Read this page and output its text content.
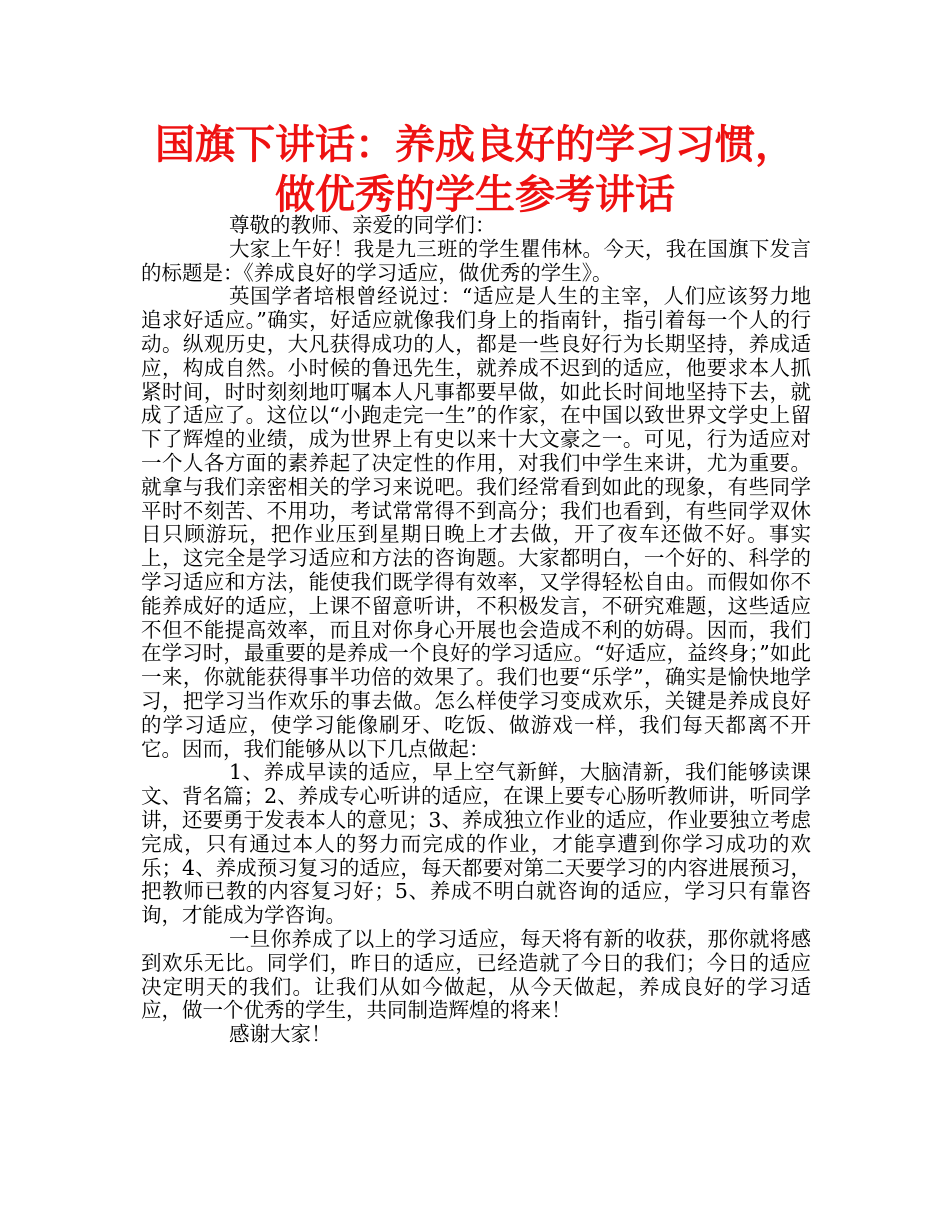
国旗下讲话：养成良好的学习习惯，做优秀的学生参考讲话

尊敬的教师、亲爱的同学们：

大家上午好！我是九三班的学生瞿伟林。今天，我在国旗下发言的标题是：《养成良好的学习适应，做优秀的学生》。

英国学者培根曾经说过：“适应是人生的主宰，人们应该努力地追求好适应。”确实，好适应就像我们身上的指南针，指引着每一个人的行动。纵观历史，大凡获得成功的人，都是一些良好行为长期坚持，养成适应，构成自然。小时候的鲁迅先生，就养成不迟到的适应，他要求本人抓紧时间，时时刻刻地叮嘱本人凡事都要早做，如此长时间地坚持下去，就成了适应了。这位以“小跑走完一生”的作家，在中国以致世界文学史上留下了辉煌的业绩，成为世界上有史以来十大文豪之一。可见，行为适应对一个人各方面的素养起了决定性的作用，对我们中学生来讲，尤为重要。就拿与我们亲密相关的学习来说吧。我们经常看到如此的现象，有些同学平时不刻苦、不用功，考试常常得不到高分；我们也看到，有些同学双休日只顾游玩，把作业压到星期日晚上才去做，开了夜车还做不好。事实上，这完全是学习适应和方法的咨询题。大家都明白，一个好的、科学的学习适应和方法，能使我们既学得有效率，又学得轻松自由。而假如你不能养成好的适应，上课不留意听讲，不积极发言，不研究难题，这些适应不但不能提高效率，而且对你身心开展也会造成不利的妨碍。因而，我们在学习时，最重要的是养成一个良好的学习适应。“好适应，益终身；”如此一来，你就能获得事半功倍的效果了。我们也要“乐学”，确实是愉快地学习，把学习当作欢乐的事去做。怎么样使学习变成欢乐，关键是养成良好的学习适应，使学习能像刷牙、吃饭、做游戏一样，我们每天都离不开它。因而，我们能够从以下几点做起：

1、养成早读的适应，早上空气新鲜，大脑清新，我们能够读课文、背名篇；2、养成专心听讲的适应，在课上要专心肠听教师讲，听同学讲，还要勇于发表本人的意见；3、养成独立作业的适应，作业要独立考虑完成，只有通过本人的努力而完成的作业，才能享遭到你学习成功的欢乐；4、养成预习复习的适应，每天都要对第二天要学习的内容进展预习，把教师已教的内容复习好；5、养成不明白就咨询的适应，学习只有靠咨询，才能成为学咨询。

一旦你养成了以上的学习适应，每天将有新的收获，那你就将感到欢乐无比。同学们，昨日的适应，已经造就了今日的我们；今日的适应决定明天的我们。让我们从如今做起，从今天做起，养成良好的学习适应，做一个优秀的学生，共同制造辉煌的将来！

感谢大家！
